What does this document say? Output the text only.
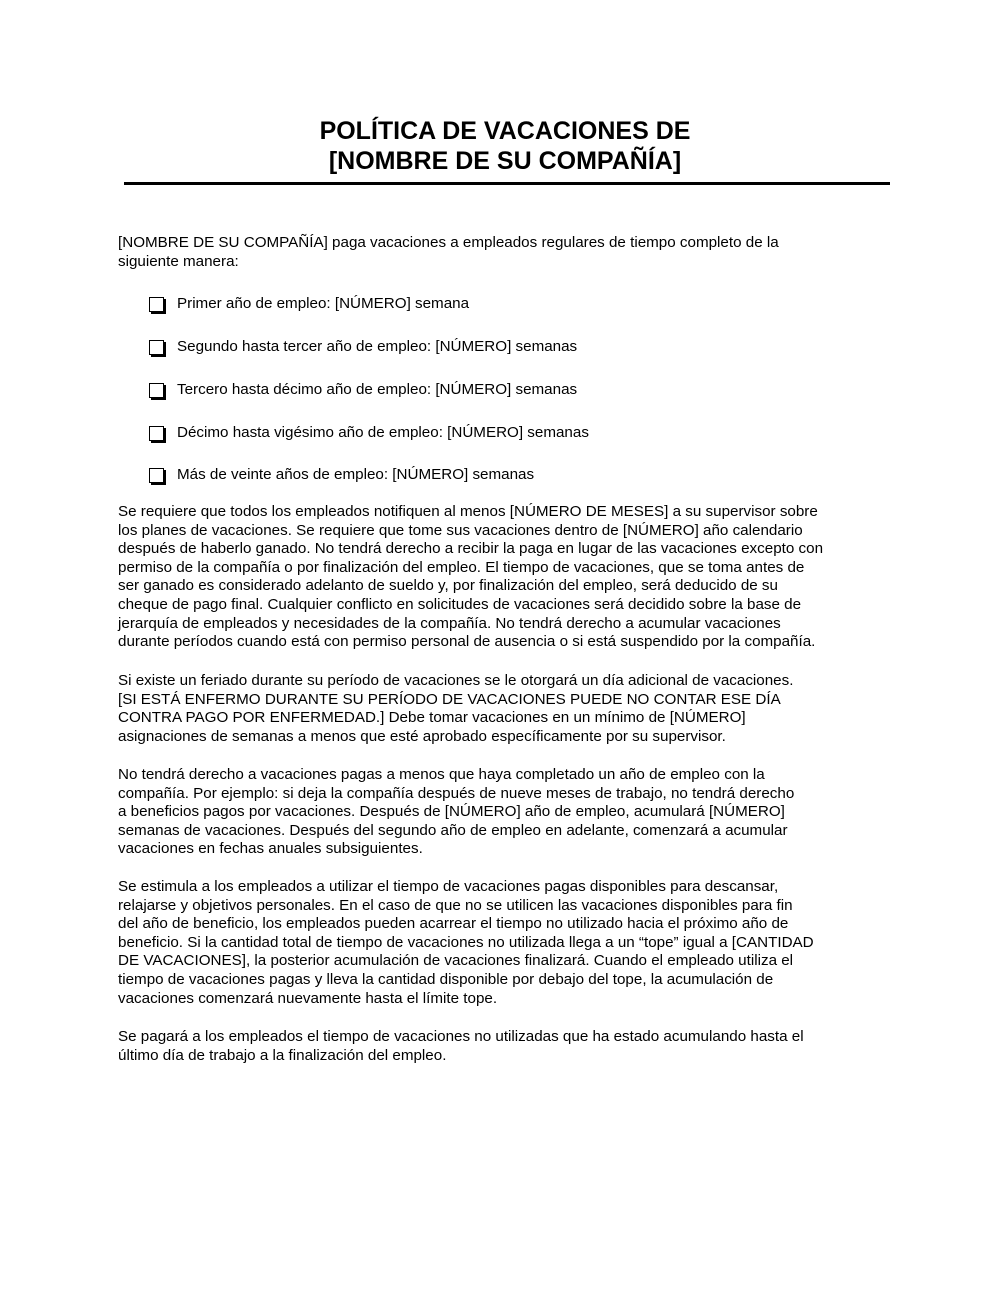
POLÍTICA DE VACACIONES DE
[NOMBRE DE SU COMPAÑÍA]
[NOMBRE DE SU COMPAÑÍA] paga vacaciones a empleados regulares de tiempo completo de la
siguiente manera:
Primer año de empleo: [NÚMERO] semana
Segundo hasta tercer año de empleo: [NÚMERO] semanas
Tercero hasta décimo año de empleo: [NÚMERO] semanas
Décimo hasta vigésimo año de empleo: [NÚMERO] semanas
Más de veinte años de empleo: [NÚMERO] semanas
Se requiere que todos los empleados notifiquen al menos [NÚMERO DE MESES] a su supervisor sobre
los planes de vacaciones. Se requiere que tome sus vacaciones dentro de [NÚMERO] año calendario
después de haberlo ganado. No tendrá derecho a recibir la paga en lugar de las vacaciones excepto con
permiso de la compañía o por finalización del empleo. El tiempo de vacaciones, que se toma antes de
ser ganado es considerado adelanto de sueldo y, por finalización del empleo, será deducido de su
cheque de pago final. Cualquier conflicto en solicitudes de vacaciones será decidido sobre la base de
jerarquía de empleados y necesidades de la compañía. No tendrá derecho a acumular vacaciones
durante períodos cuando está con permiso personal de ausencia o si está suspendido por la compañía.
Si existe un feriado durante su período de vacaciones se le otorgará un día adicional de vacaciones.
[SI ESTÁ ENFERMO DURANTE SU PERÍODO DE VACACIONES PUEDE NO CONTAR ESE DÍA
CONTRA PAGO POR ENFERMEDAD.] Debe tomar vacaciones en un mínimo de [NÚMERO]
asignaciones de semanas a menos que esté aprobado específicamente por su supervisor.
No tendrá derecho a vacaciones pagas a menos que haya completado un año de empleo con la
compañía. Por ejemplo: si deja la compañía después de nueve meses de trabajo, no tendrá derecho
a beneficios pagos por vacaciones. Después de [NÚMERO] año de empleo, acumulará [NÚMERO]
semanas de vacaciones. Después del segundo año de empleo en adelante, comenzará a acumular
vacaciones en fechas anuales subsiguientes.
Se estimula a los empleados a utilizar el tiempo de vacaciones pagas disponibles para descansar,
relajarse y objetivos personales. En el caso de que no se utilicen las vacaciones disponibles para fin
del año de beneficio, los empleados pueden acarrear el tiempo no utilizado hacia el próximo año de
beneficio. Si la cantidad total de tiempo de vacaciones no utilizada llega a un “tope” igual a [CANTIDAD
DE VACACIONES], la posterior acumulación de vacaciones finalizará. Cuando el empleado utiliza el
tiempo de vacaciones pagas y lleva la cantidad disponible por debajo del tope, la acumulación de
vacaciones comenzará nuevamente hasta el límite tope.
Se pagará a los empleados el tiempo de vacaciones no utilizadas que ha estado acumulando hasta el
último día de trabajo a la finalización del empleo.
